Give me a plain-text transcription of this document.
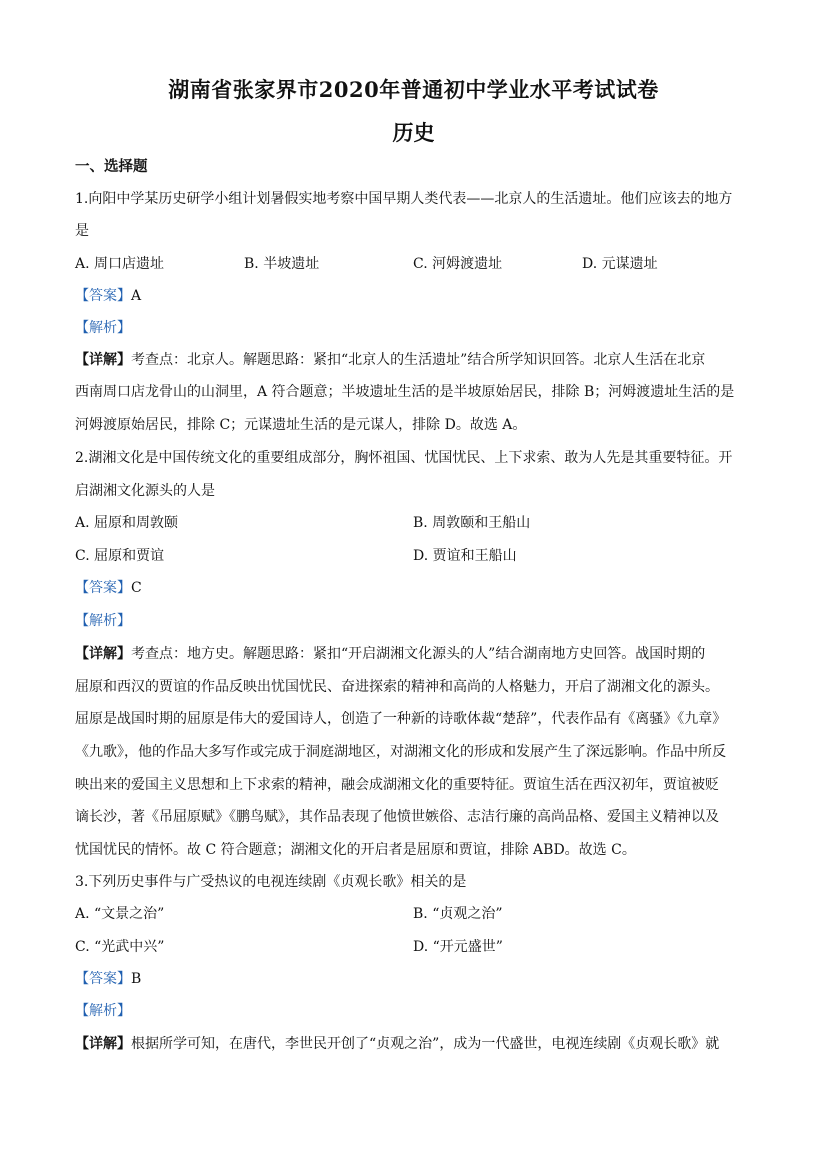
湖南省张家界市2020年普通初中学业水平考试试卷
历史
一、选择题
1.向阳中学某历史研学小组计划暑假实地考察中国早期人类代表——北京人的生活遗址。他们应该去的地方
是
A. 周口店遗址	B. 半坡遗址	C. 河姆渡遗址	D. 元谋遗址
【答案】A
【解析】
【详解】考查点：北京人。解题思路：紧扣“北京人的生活遗址”结合所学知识回答。北京人生活在北京
西南周口店龙骨山的山洞里，A 符合题意；半坡遗址生活的是半坡原始居民，排除 B；河姆渡遗址生活的是
河姆渡原始居民，排除 C；元谋遗址生活的是元谋人，排除 D。故选 A。
2.湖湘文化是中国传统文化的重要组成部分，胸怀祖国、忧国忧民、上下求索、敢为人先是其重要特征。开
启湖湘文化源头的人是
A. 屈原和周敦颐	B. 周敦颐和王船山
C. 屈原和贾谊	D. 贾谊和王船山
【答案】C
【解析】
【详解】考查点：地方史。解题思路：紧扣“开启湖湘文化源头的人”结合湖南地方史回答。战国时期的
屈原和西汉的贾谊的作品反映出忧国忧民、奋进探索的精神和高尚的人格魅力，开启了湖湘文化的源头。
屈原是战国时期的屈原是伟大的爱国诗人，创造了一种新的诗歌体裁“楚辞”，代表作品有《离骚》《九章》
《九歌》，他的作品大多写作或完成于洞庭湖地区，对湖湘文化的形成和发展产生了深远影响。作品中所反
映出来的爱国主义思想和上下求索的精神，融会成湖湘文化的重要特征。贾谊生活在西汉初年，贾谊被贬
谪长沙，著《吊屈原赋》《鹏鸟赋》，其作品表现了他愤世嫉俗、志洁行廉的高尚品格、爱国主义精神以及
忧国忧民的情怀。故 C 符合题意；湖湘文化的开启者是屈原和贾谊，排除 ABD。故选 C。
3.下列历史事件与广受热议的电视连续剧《贞观长歌》相关的是
A. “文景之治”	B. “贞观之治”
C. “光武中兴”	D. “开元盛世”
【答案】B
【解析】
【详解】根据所学可知，在唐代，李世民开创了“贞观之治”，成为一代盛世，电视连续剧《贞观长歌》就
